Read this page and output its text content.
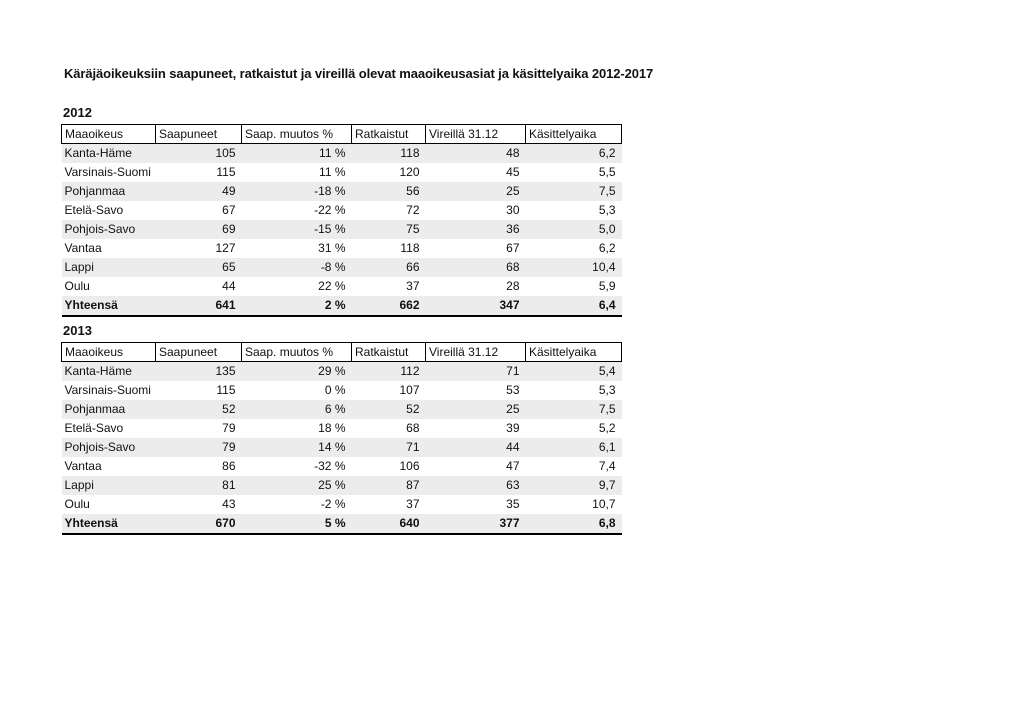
Käräjäoikeuksiin saapuneet, ratkaistut ja vireillä olevat maaoikeusasiat ja käsittelyaika 2012-2017
2012
Maaoikeus	Saapuneet	Saap. muutos %	Ratkaistut	Vireillä 31.12	Käsittelyaika
Kanta-Häme	105	11 %	118	48	6,2
Varsinais-Suomi	115	11 %	120	45	5,5
Pohjanmaa	49	-18 %	56	25	7,5
Etelä-Savo	67	-22 %	72	30	5,3
Pohjois-Savo	69	-15 %	75	36	5,0
Vantaa	127	31 %	118	67	6,2
Lappi	65	-8 %	66	68	10,4
Oulu	44	22 %	37	28	5,9
Yhteensä	641	2 %	662	347	6,4
2013
Maaoikeus	Saapuneet	Saap. muutos %	Ratkaistut	Vireillä 31.12	Käsittelyaika
Kanta-Häme	135	29 %	112	71	5,4
Varsinais-Suomi	115	0 %	107	53	5,3
Pohjanmaa	52	6 %	52	25	7,5
Etelä-Savo	79	18 %	68	39	5,2
Pohjois-Savo	79	14 %	71	44	6,1
Vantaa	86	-32 %	106	47	7,4
Lappi	81	25 %	87	63	9,7
Oulu	43	-2 %	37	35	10,7
Yhteensä	670	5 %	640	377	6,8
